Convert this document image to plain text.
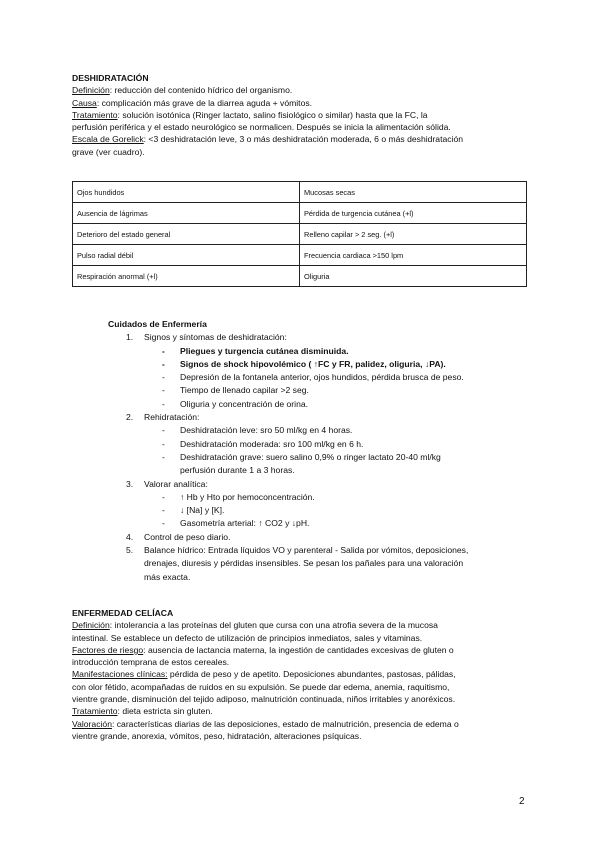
DESHIDRATACIÓN
Definición: reducción del contenido hídrico del organismo.
Causa: complicación más grave de la diarrea aguda + vómitos.
Tratamiento: solución isotónica (Ringer lactato, salino fisiológico o similar) hasta que la FC, la
perfusión periférica y el estado neurológico se normalicen. Después se inicia la alimentación sólida.
Escala de Gorelick: <3 deshidratación leve, 3 o más deshidratación moderada, 6 o más deshidratación
grave (ver cuadro).
Ojos hundidos	Mucosas secas
Ausencia de lágrimas	Pérdida de turgencia cutánea (+l)
Deterioro del estado general	Relleno capilar > 2 seg. (+l)
Pulso radial débil	Frecuencia cardiaca >150 lpm
Respiración anormal (+l)	Oliguria
Cuidados de Enfermería
1. Signos y síntomas de deshidratación:
- Pliegues y turgencia cutánea disminuida.
- Signos de shock hipovolémico ( ↑FC y FR, palidez, oliguria, ↓PA).
- Depresión de la fontanela anterior, ojos hundidos, pérdida brusca de peso.
- Tiempo de llenado capilar >2 seg.
- Oliguria y concentración de orina.
2. Rehidratación:
- Deshidratación leve: sro 50 ml/kg en 4 horas.
- Deshidratación moderada: sro 100 ml/kg en 6 h.
- Deshidratación grave: suero salino 0,9% o ringer lactato 20-40 ml/kg
perfusión durante 1 a 3 horas.
3. Valorar analítica:
- ↑ Hb y Hto por hemoconcentración.
- ↓ [Na] y [K].
- Gasometría arterial: ↑ CO2 y ↓pH.
4. Control de peso diario.
5. Balance hídrico: Entrada líquidos VO y parenteral - Salida por vómitos, deposiciones,
drenajes, diuresis y pérdidas insensibles. Se pesan los pañales para una valoración
más exacta.
ENFERMEDAD CELÍACA
Definición: intolerancia a las proteínas del gluten que cursa con una atrofia severa de la mucosa
intestinal. Se establece un defecto de utilización de principios inmediatos, sales y vitaminas.
Factores de riesgo: ausencia de lactancia materna, la ingestión de cantidades excesivas de gluten o
introducción temprana de estos cereales.
Manifestaciones clínicas: pérdida de peso y de apetito. Deposiciones abundantes, pastosas, pálidas,
con olor fétido, acompañadas de ruidos en su expulsión. Se puede dar edema, anemia, raquitismo,
vientre grande, disminución del tejido adiposo, malnutrición continuada, niños irritables y anoréxicos.
Tratamiento: dieta estricta sin gluten.
Valoración: características diarias de las deposiciones, estado de malnutrición, presencia de edema o
vientre grande, anorexia, vómitos, peso, hidratación, alteraciones psíquicas.
2
